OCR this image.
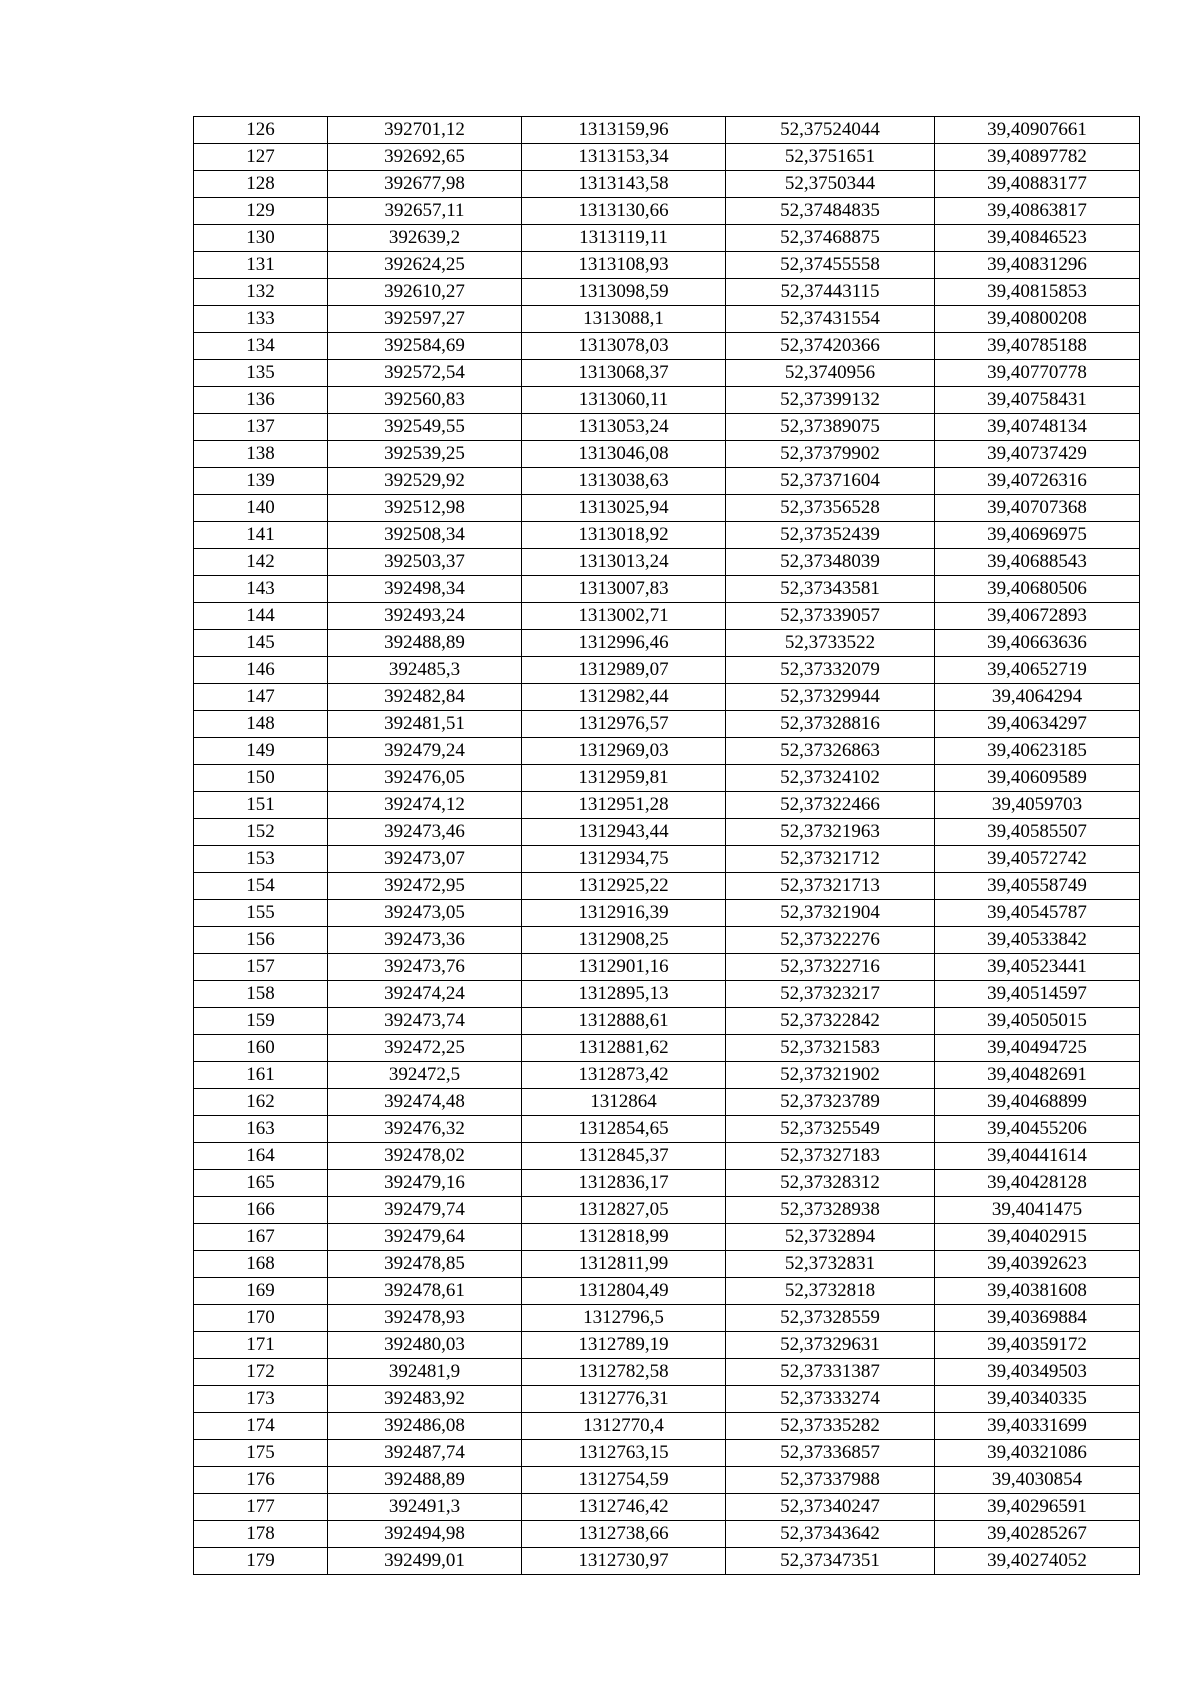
126	392701,12	1313159,96	52,37524044	39,40907661
127	392692,65	1313153,34	52,3751651	39,40897782
128	392677,98	1313143,58	52,3750344	39,40883177
129	392657,11	1313130,66	52,37484835	39,40863817
130	392639,2	1313119,11	52,37468875	39,40846523
131	392624,25	1313108,93	52,37455558	39,40831296
132	392610,27	1313098,59	52,37443115	39,40815853
133	392597,27	1313088,1	52,37431554	39,40800208
134	392584,69	1313078,03	52,37420366	39,40785188
135	392572,54	1313068,37	52,3740956	39,40770778
136	392560,83	1313060,11	52,37399132	39,40758431
137	392549,55	1313053,24	52,37389075	39,40748134
138	392539,25	1313046,08	52,37379902	39,40737429
139	392529,92	1313038,63	52,37371604	39,40726316
140	392512,98	1313025,94	52,37356528	39,40707368
141	392508,34	1313018,92	52,37352439	39,40696975
142	392503,37	1313013,24	52,37348039	39,40688543
143	392498,34	1313007,83	52,37343581	39,40680506
144	392493,24	1313002,71	52,37339057	39,40672893
145	392488,89	1312996,46	52,3733522	39,40663636
146	392485,3	1312989,07	52,37332079	39,40652719
147	392482,84	1312982,44	52,37329944	39,4064294
148	392481,51	1312976,57	52,37328816	39,40634297
149	392479,24	1312969,03	52,37326863	39,40623185
150	392476,05	1312959,81	52,37324102	39,40609589
151	392474,12	1312951,28	52,37322466	39,4059703
152	392473,46	1312943,44	52,37321963	39,40585507
153	392473,07	1312934,75	52,37321712	39,40572742
154	392472,95	1312925,22	52,37321713	39,40558749
155	392473,05	1312916,39	52,37321904	39,40545787
156	392473,36	1312908,25	52,37322276	39,40533842
157	392473,76	1312901,16	52,37322716	39,40523441
158	392474,24	1312895,13	52,37323217	39,40514597
159	392473,74	1312888,61	52,37322842	39,40505015
160	392472,25	1312881,62	52,37321583	39,40494725
161	392472,5	1312873,42	52,37321902	39,40482691
162	392474,48	1312864	52,37323789	39,40468899
163	392476,32	1312854,65	52,37325549	39,40455206
164	392478,02	1312845,37	52,37327183	39,40441614
165	392479,16	1312836,17	52,37328312	39,40428128
166	392479,74	1312827,05	52,37328938	39,4041475
167	392479,64	1312818,99	52,3732894	39,40402915
168	392478,85	1312811,99	52,3732831	39,40392623
169	392478,61	1312804,49	52,3732818	39,40381608
170	392478,93	1312796,5	52,37328559	39,40369884
171	392480,03	1312789,19	52,37329631	39,40359172
172	392481,9	1312782,58	52,37331387	39,40349503
173	392483,92	1312776,31	52,37333274	39,40340335
174	392486,08	1312770,4	52,37335282	39,40331699
175	392487,74	1312763,15	52,37336857	39,40321086
176	392488,89	1312754,59	52,37337988	39,4030854
177	392491,3	1312746,42	52,37340247	39,40296591
178	392494,98	1312738,66	52,37343642	39,40285267
179	392499,01	1312730,97	52,37347351	39,40274052
